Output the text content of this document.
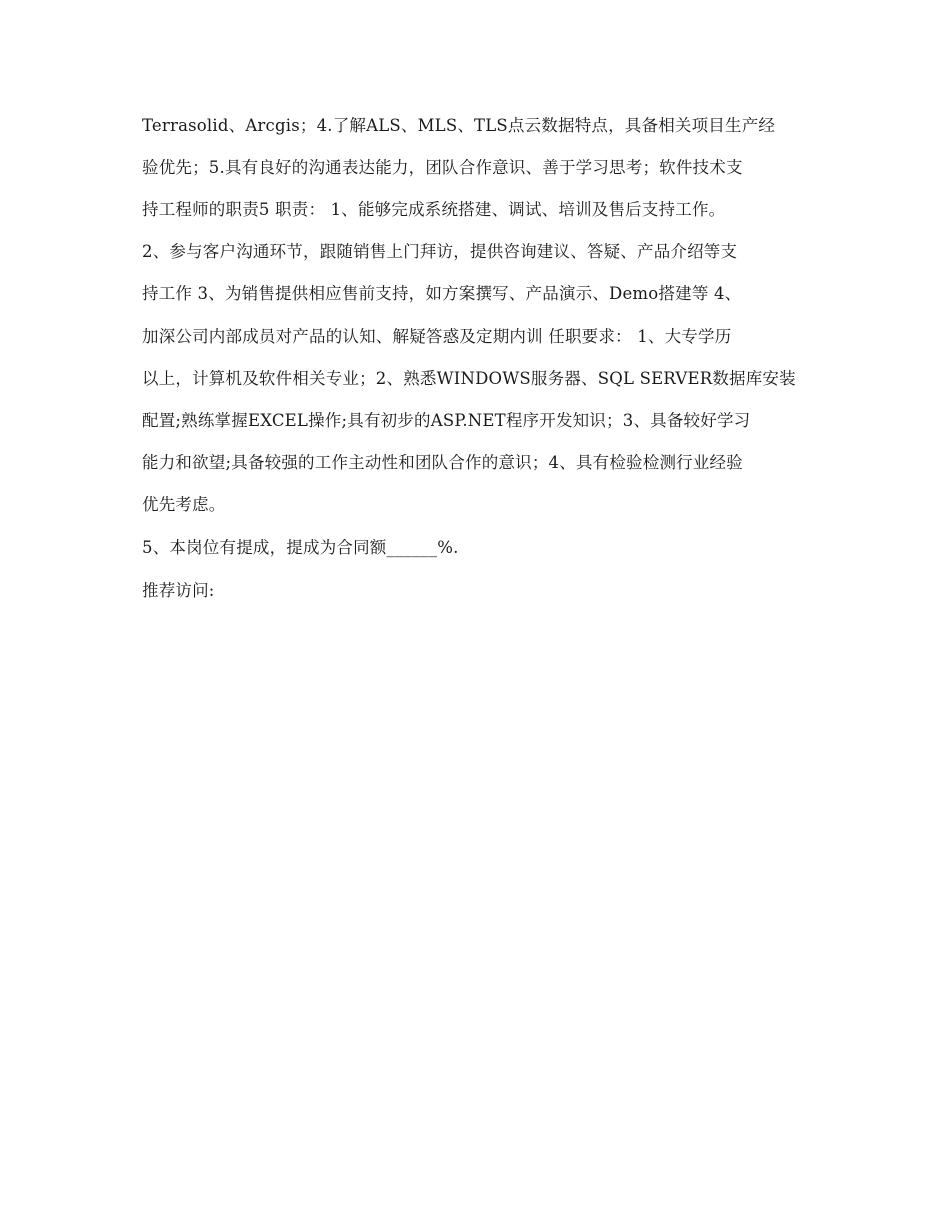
Terrasolid、Arcgis；4.了解ALS、MLS、TLS点云数据特点，具备相关项目生产经

验优先；5.具有良好的沟通表达能力，团队合作意识、善于学习思考；软件技术支

持工程师的职责5 职责： 1、能够完成系统搭建、调试、培训及售后支持工作。

2、参与客户沟通环节，跟随销售上门拜访，提供咨询建议、答疑、产品介绍等支

持工作 3、为销售提供相应售前支持，如方案撰写、产品演示、Demo搭建等 4、

加深公司内部成员对产品的认知、解疑答惑及定期内训 任职要求： 1、大专学历

以上，计算机及软件相关专业；2、熟悉WINDOWS服务器、SQL SERVER数据库安装

配置;熟练掌握EXCEL操作;具有初步的ASP.NET程序开发知识；3、具备较好学习

能力和欲望;具备较强的工作主动性和团队合作的意识；4、具有检验检测行业经验

优先考虑。

5、本岗位有提成，提成为合同额______%.

推荐访问:
